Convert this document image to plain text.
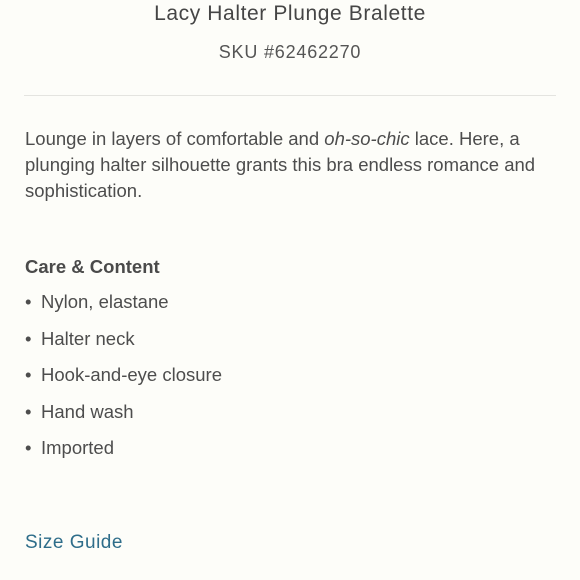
Lacy Halter Plunge Bralette
SKU #62462270

Lounge in layers of comfortable and oh-so-chic lace. Here, a plunging halter silhouette grants this bra endless romance and sophistication.

Care & Content
• Nylon, elastane
• Halter neck
• Hook-and-eye closure
• Hand wash
• Imported
Size Guide
